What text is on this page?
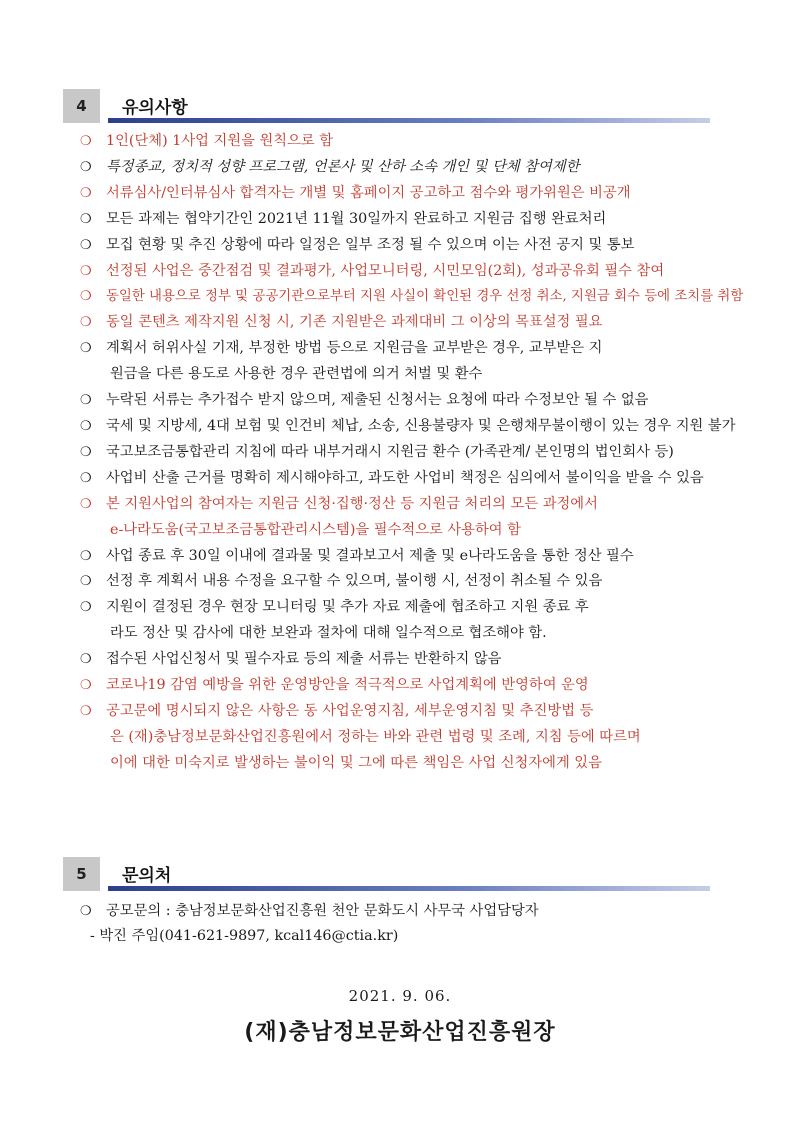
4	유의사항
❍ 1인(단체) 1사업 지원을 원칙으로 함
❍ 특정종교, 정치적 성향 프로그램, 언론사 및 산하 소속 개인 및 단체 참여제한
❍ 서류심사/인터뷰심사 합격자는 개별 및 홈페이지 공고하고 점수와 평가위원은 비공개
❍ 모든 과제는 협약기간인 2021년 11월 30일까지 완료하고 지원금 집행 완료처리
❍ 모집 현황 및 추진 상황에 따라 일정은 일부 조정 될 수 있으며 이는 사전 공지 및 통보
❍ 선정된 사업은 중간점검 및 결과평가, 사업모니터링, 시민모임(2회), 성과공유회 필수 참여
❍ 동일한 내용으로 정부 및 공공기관으로부터 지원 사실이 확인된 경우 선정 취소, 지원금 회수 등에 조치를 취함
❍ 동일 콘텐츠 제작지원 신청 시, 기존 지원받은 과제대비 그 이상의 목표설정 필요
❍ 계획서 허위사실 기재, 부정한 방법 등으로 지원금을 교부받은 경우, 교부받은 지
원금을 다른 용도로 사용한 경우 관련법에 의거 처벌 및 환수
❍ 누락된 서류는 추가접수 받지 않으며, 제출된 신청서는 요청에 따라 수정보안 될 수 없음
❍ 국세 및 지방세, 4대 보험 및 인건비 체납, 소송, 신용불량자 및 은행채무불이행이 있는 경우 지원 불가
❍ 국고보조금통합관리 지침에 따라 내부거래시 지원금 환수 (가족관계/ 본인명의 법인회사 등)
❍ 사업비 산출 근거를 명확히 제시해야하고, 과도한 사업비 책정은 심의에서 불이익을 받을 수 있음
❍ 본 지원사업의 참여자는 지원금 신청·집행·정산 등 지원금 처리의 모든 과정에서
e-나라도움(국고보조금통합관리시스템)을 필수적으로 사용하여 함
❍ 사업 종료 후 30일 이내에 결과물 및 결과보고서 제출 및 e나라도움을 통한 정산 필수
❍ 선정 후 계획서 내용 수정을 요구할 수 있으며, 불이행 시, 선정이 취소될 수 있음
❍ 지원이 결정된 경우 현장 모니터링 및 추가 자료 제출에 협조하고 지원 종료 후
라도 정산 및 감사에 대한 보완과 절차에 대해 일수적으로 협조해야 함.
❍ 접수된 사업신청서 및 필수자료 등의 제출 서류는 반환하지 않음
❍ 코로나19 감염 예방을 위한 운영방안을 적극적으로 사업계획에 반영하여 운영
❍ 공고문에 명시되지 않은 사항은 동 사업운영지침, 세부운영지침 및 추진방법 등
은 (재)충남정보문화산업진흥원에서 정하는 바와 관련 법령 및 조례, 지침 등에 따르며
이에 대한 미숙지로 발생하는 불이익 및 그에 따른 책임은 사업 신청자에게 있음
5	문의처
❍ 공모문의 : 충남정보문화산업진흥원 천안 문화도시 사무국 사업담당자
- 박진 주임(041-621-9897, kcal146@ctia.kr)
2021. 9. 06.
(재)충남정보문화산업진흥원장
